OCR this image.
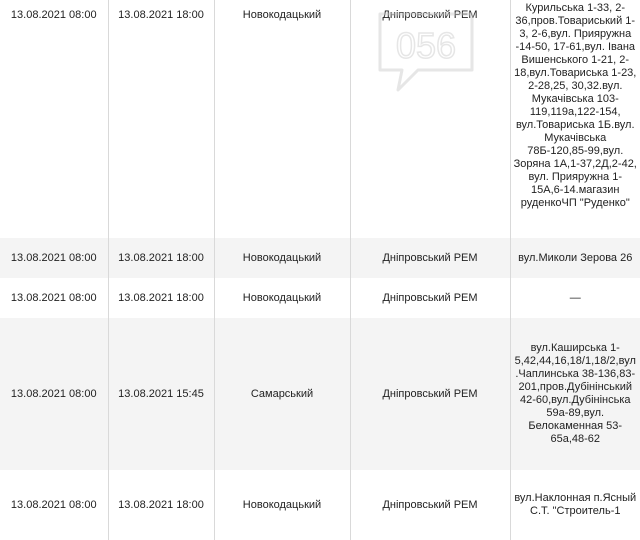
13.08.2021 08:00	13.08.2021 18:00	Новокодацький	Дніпровський РЕМ	Курильська 1-33, 2-36,пров.Товариський 1-3, 2-6,вул. Прияружна -14-50, 17-61,вул. Івана Вишенського 1-21, 2-18,вул.Товариська 1-23, 2-28,25, 30,32.вул. Мукачівська 103-119,119а,122-154, вул.Товариська 1Б.вул. Мукачівська 78Б-120,85-99,вул. Зоряна 1А,1-37,2Д,2-42, вул. Прияружна 1-15А,6-14.магазин руденкоЧП "Руденко"
13.08.2021 08:00	13.08.2021 18:00	Новокодацький	Дніпровський РЕМ	вул.Миколи Зерова 26
13.08.2021 08:00	13.08.2021 18:00	Новокодацький	Дніпровський РЕМ	—
13.08.2021 08:00	13.08.2021 15:45	Самарський	Дніпровський РЕМ	вул.Каширська 1-5,42,44,16,18/1,18/2,вул.Чаплинська 38-136,83-201,пров.Дубінінський 42-60,вул.Дубінінська 59а-89,вул. Белокаменная 53-65а,48-62
13.08.2021 08:00	13.08.2021 18:00	Новокодацький	Дніпровський РЕМ	вул.Наклонная п.Ясный С.Т. "Строитель-1
056
